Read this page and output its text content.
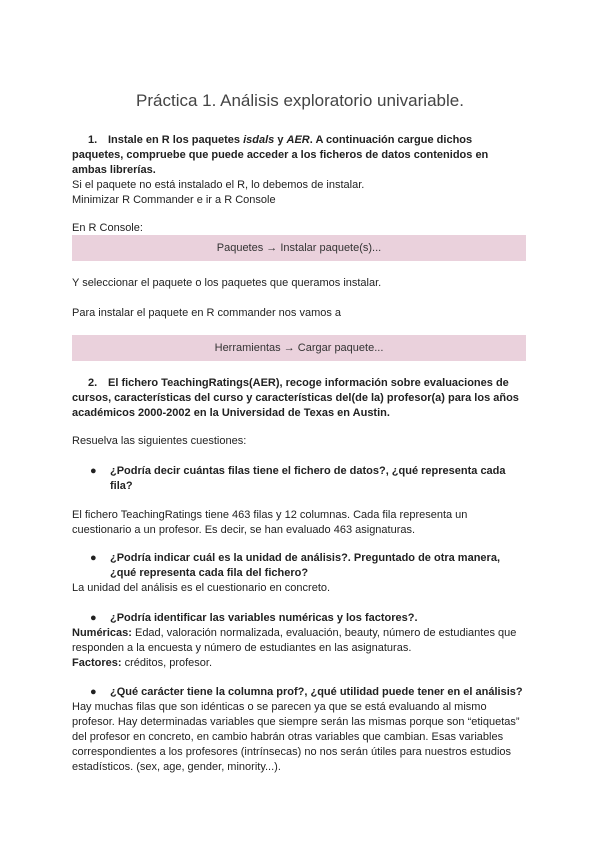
Práctica 1. Análisis exploratorio univariable.
1. Instale en R los paquetes isdals y AER. A continuación cargue dichos
paquetes, compruebe que puede acceder a los ficheros de datos contenidos en
ambas librerías.
Si el paquete no está instalado el R, lo debemos de instalar.
Minimizar R Commander e ir a R Console
En R Console:
Paquetes → Instalar paquete(s)...
Y seleccionar el paquete o los paquetes que queramos instalar.
Para instalar el paquete en R commander nos vamos a
Herramientas → Cargar paquete...
2. El fichero TeachingRatings(AER), recoge información sobre evaluaciones de
cursos, características del curso y características del(de la) profesor(a) para los años
académicos 2000-2002 en la Universidad de Texas en Austin.
Resuelva las siguientes cuestiones:
● ¿Podría decir cuántas filas tiene el fichero de datos?, ¿qué representa cada
fila?
El fichero TeachingRatings tiene 463 filas y 12 columnas. Cada fila representa un
cuestionario a un profesor. Es decir, se han evaluado 463 asignaturas.
● ¿Podría indicar cuál es la unidad de análisis?. Preguntado de otra manera,
¿qué representa cada fila del fichero?
La unidad del análisis es el cuestionario en concreto.
● ¿Podría identificar las variables numéricas y los factores?.
Numéricas: Edad, valoración normalizada, evaluación, beauty, número de estudiantes que
responden a la encuesta y número de estudiantes en las asignaturas.
Factores: créditos, profesor.
● ¿Qué carácter tiene la columna prof?, ¿qué utilidad puede tener en el análisis?
Hay muchas filas que son idénticas o se parecen ya que se está evaluando al mismo
profesor. Hay determinadas variables que siempre serán las mismas porque son “etiquetas”
del profesor en concreto, en cambio habrán otras variables que cambian. Esas variables
correspondientes a los profesores (intrínsecas) no nos serán útiles para nuestros estudios
estadísticos. (sex, age, gender, minority...).
